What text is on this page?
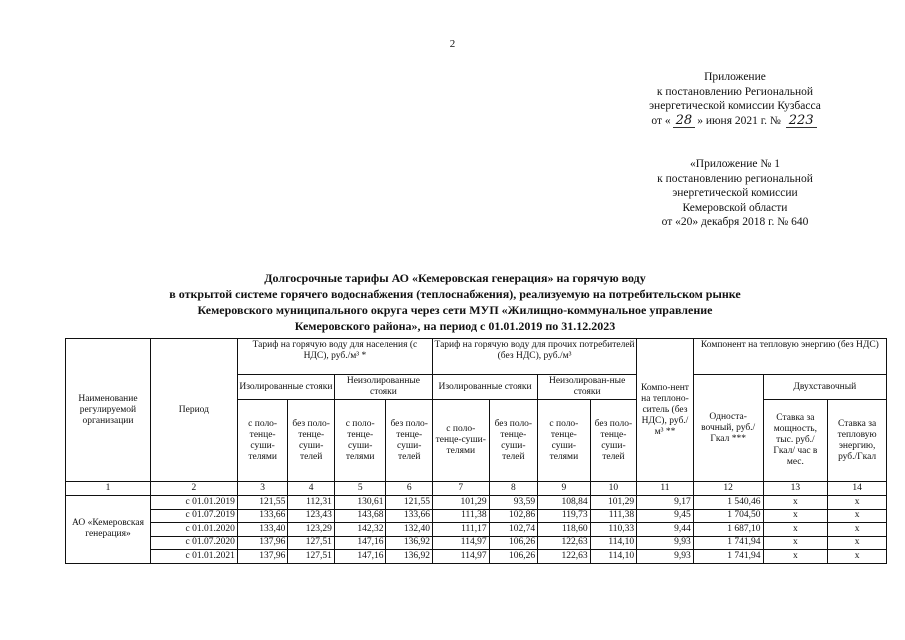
2
Приложение
к постановлению Региональной
энергетической комиссии Кузбасса
от « 28 » июня 2021 г. № 223
«Приложение № 1
к постановлению региональной
энергетической комиссии
Кемеровской области
от «20» декабря 2018 г. № 640
Долгосрочные тарифы АО «Кемеровская генерация» на горячую воду
в открытой системе горячего водоснабжения (теплоснабжения), реализуемую на потребительском рынке
Кемеровского муниципального округа через сети МУП «Жилищно-коммунальное управление
Кемеровского района», на период с 01.01.2019 по 31.12.2023
Наименование регулируемой организации	Период	Тариф на горячую воду для населения (с НДС), руб./м³ *				Тариф на горячую воду для прочих потребителей (без НДС), руб./м³				Компо-нент на теплоно-ситель (без НДС), руб./м³ **	Компонент на тепловую энергию (без НДС)		
		Изолированные стояки		Неизолированные стояки		Изолированные стояки		Неизолирован-ные стояки			Односта-вочный, руб./Гкал ***	Двухставочный	
		с поло-тенце-суши-телями	без поло-тенце-суши-телей	с поло-тенце-суши-телями	без поло-тенце-суши-телей	с поло-тенце-суши-телями	без поло-тенце-суши-телей	с поло-тенце-суши-телями	без поло-тенце-суши-телей			Ставка за мощность, тыс. руб./ Гкал/ час в мес.	Ставка за тепловую энергию, руб./Гкал
1	2	3	4	5	6	7	8	9	10	11	12	13	14
АО «Кемеровская генерация»	с 01.01.2019	121,55	112,31	130,61	121,55	101,29	93,59	108,84	101,29	9,17	1 540,46	х	х
	с 01.07.2019	133,66	123,43	143,68	133,66	111,38	102,86	119,73	111,38	9,45	1 704,50	х	х
	с 01.01.2020	133,40	123,29	142,32	132,40	111,17	102,74	118,60	110,33	9,44	1 687,10	х	х
	с 01.07.2020	137,96	127,51	147,16	136,92	114,97	106,26	122,63	114,10	9,93	1 741,94	х	х
	с 01.01.2021	137,96	127,51	147,16	136,92	114,97	106,26	122,63	114,10	9,93	1 741,94	х	х
